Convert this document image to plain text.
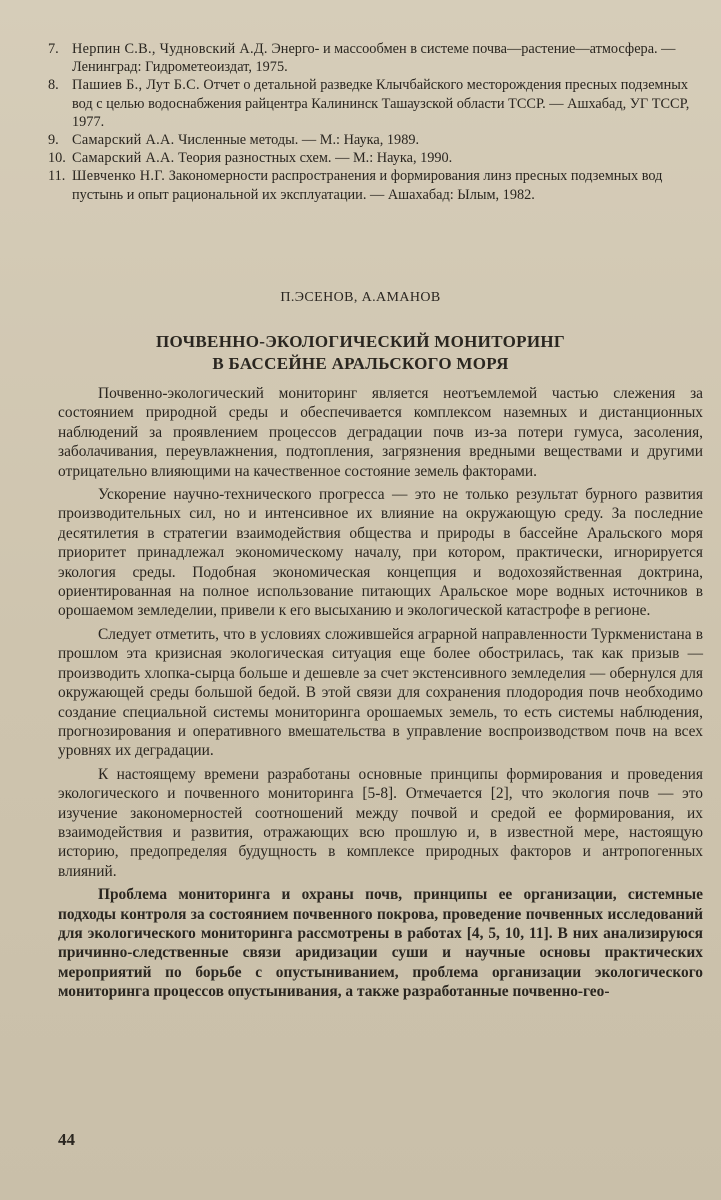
7. Нерпин С.В., Чудновский А.Д. Энерго- и массообмен в системе почва—растение—атмосфера. — Ленинград: Гидрометеоиздат, 1975.
8. Пашиев Б., Лут Б.С. Отчет о детальной разведке Клычбайского месторождения пресных подземных вод с целью водоснабжения райцентра Калининск Ташаузской области ТССР. — Ашхабад, УГ ТССР, 1977.
9. Самарский А.А. Численные методы. — М.: Наука, 1989.
10. Самарский А.А. Теория разностных схем. — М.: Наука, 1990.
11. Шевченко Н.Г. Закономерности распространения и формирования линз пресных подземных вод пустынь и опыт рациональной их эксплуатации. — Ашахабад: Ылым, 1982.
П.ЭСЕНОВ, А.АМАНОВ
ПОЧВЕННО-ЭКОЛОГИЧЕСКИЙ МОНИТОРИНГ
В БАССЕЙНЕ АРАЛЬСКОГО МОРЯ

Почвенно-экологический мониторинг является неотъемлемой частью слежения за состоянием природной среды и обеспечивается комплексом наземных и дистанционных наблюдений за проявлением процессов деградации почв из-за потери гумуса, засоления, заболачивания, переувлажнения, подтопления, загрязнения вредными веществами и другими отрицательно влияющими на качественное состояние земель факторами.

Ускорение научно-технического прогресса — это не только результат бурного развития производительных сил, но и интенсивное их влияние на окружающую среду. За последние десятилетия в стратегии взаимодействия общества и природы в бассейне Аральского моря приоритет принадлежал экономическому началу, при котором, практически, игнорируется экология среды. Подобная экономическая концепция и водохозяйственная доктрина, ориентированная на полное использование питающих Аральское море водных источников в орошаемом земледелии, привели к его высыханию и экологической катастрофе в регионе.

Следует отметить, что в условиях сложившейся аграрной направленности Туркменистана в прошлом эта кризисная экологическая ситуация еще более обострилась, так как призыв — производить хлопка-сырца больше и дешевле за счет экстенсивного земледелия — обернулся для окружающей среды большой бедой. В этой связи для сохранения плодородия почв необходимо создание специальной системы мониторинга орошаемых земель, то есть системы наблюдения, прогнозирования и оперативного вмешательства в управление воспроизводством почв на всех уровнях их деградации.

К настоящему времени разработаны основные принципы формирования и проведения экологического и почвенного мониторинга [5-8]. Отмечается [2], что экология почв — это изучение закономерностей соотношений между почвой и средой ее формирования, их взаимодействия и развития, отражающих всю прошлую и, в известной мере, настоящую историю, предопределяя будущность в комплексе природных факторов и антропогенных влияний.

Проблема мониторинга и охраны почв, принципы ее организации, системные подходы контроля за состоянием почвенного покрова, проведение почвенных исследований для экологического мониторинга рассмотрены в работах [4, 5, 10, 11]. В них анализируюся причинно-следственные связи аридизации суши и научные основы практических мероприятий по борьбе с опустыниванием, проблема организации экологического мониторинга процессов опустынивания, а также разработанные почвенно-гео-

44
